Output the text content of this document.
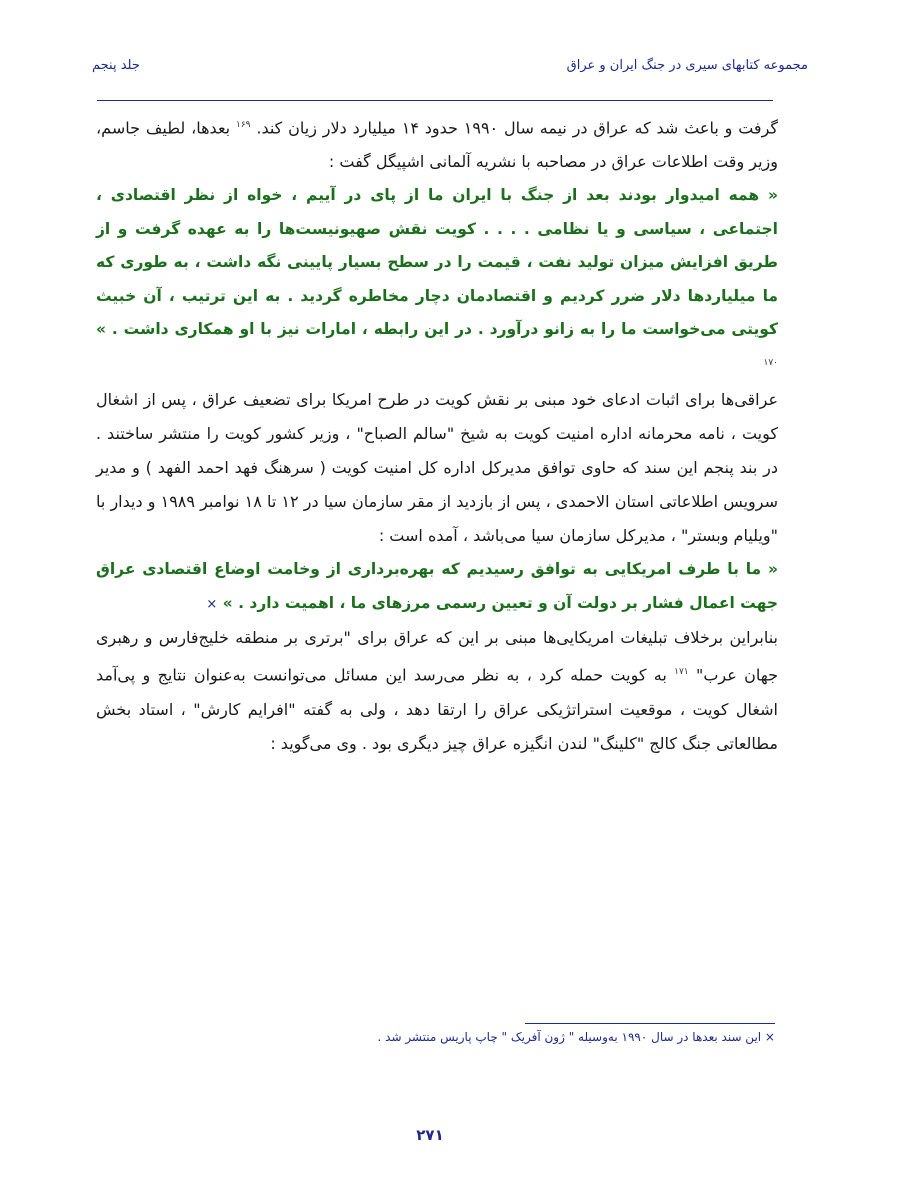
مجموعه کتابهای سیری در جنگ ایران و عراق
جلد پنجم

گرفت و باعث شد که عراق در نیمه سال ۱۹۹۰ حدود ۱۴ میلیارد دلار زیان کند. $^{۱۶۹}$ بعدها، لطیف جاسم، وزیر وقت اطلاعات عراق در مصاحبه با نشریه آلمانی اشپیگل گفت :

« همه امیدوار بودند بعد از جنگ با ایران ما از پای در آییم ، خواه از نظر اقتصادی ، اجتماعی ، سیاسی و یا نظامی . . . . کویت نقش صهیونیست‌ها را به عهده گرفت و از طریق افزایش میزان تولید نفت ، قیمت را در سطح بسیار پایینی نگه داشت ، به طوری که ما میلیاردها دلار ضرر کردیم و اقتصادمان دچار مخاطره گردید . به این ترتیب ، آن خبیث کویتی می‌خواست ما را به زانو درآورد . در این رابطه ، امارات نیز با او همکاری داشت . » $^{۱۷۰}$

عراقی‌ها برای اثبات ادعای خود مبنی بر نقش کویت در طرح امریکا برای تضعیف عراق ، پس از اشغال کویت ، نامه محرمانه اداره امنیت کویت به شیخ "سالم الصباح" ، وزیر کشور کویت را منتشر ساختند . در بند پنجم این سند که حاوی توافق مدیرکل اداره کل امنیت کویت ( سرهنگ فهد احمد الفهد ) و مدیر سرویس اطلاعاتی استان الاحمدی ، پس از بازدید از مقر سازمان سیا در ۱۲ تا ۱۸ نوامبر ۱۹۸۹ و دیدار با "ویلیام وبستر" ، مدیرکل سازمان سیا می‌باشد ، آمده است :

« ما با طرف امریکایی به توافق رسیدیم که بهره‌برداری از وخامت اوضاع اقتصادی عراق جهت اعمال فشار بر دولت آن و تعیین رسمی مرزهای ما ، اهمیت دارد . » ×

بنابراین برخلاف تبلیغات امریکایی‌ها مبنی بر این که عراق برای "برتری بر منطقه خلیج‌فارس و رهبری جهان عرب" $^{۱۷۱}$ به کویت حمله کرد ، به نظر می‌رسد این مسائل می‌توانست به‌عنوان نتایج و پی‌آمد اشغال کویت ، موقعیت استراتژیکی عراق را ارتقا دهد ، ولی به گفته "افرایم کارش" ، استاد بخش مطالعاتی جنگ کالج "کلینگ" لندن انگیزه عراق چیز دیگری بود . وی می‌گوید :

× این سند بعدها در سال ۱۹۹۰ به‌وسیله " ژون آفریک " چاپ پاریس منتشر شد .
۲۷۱
